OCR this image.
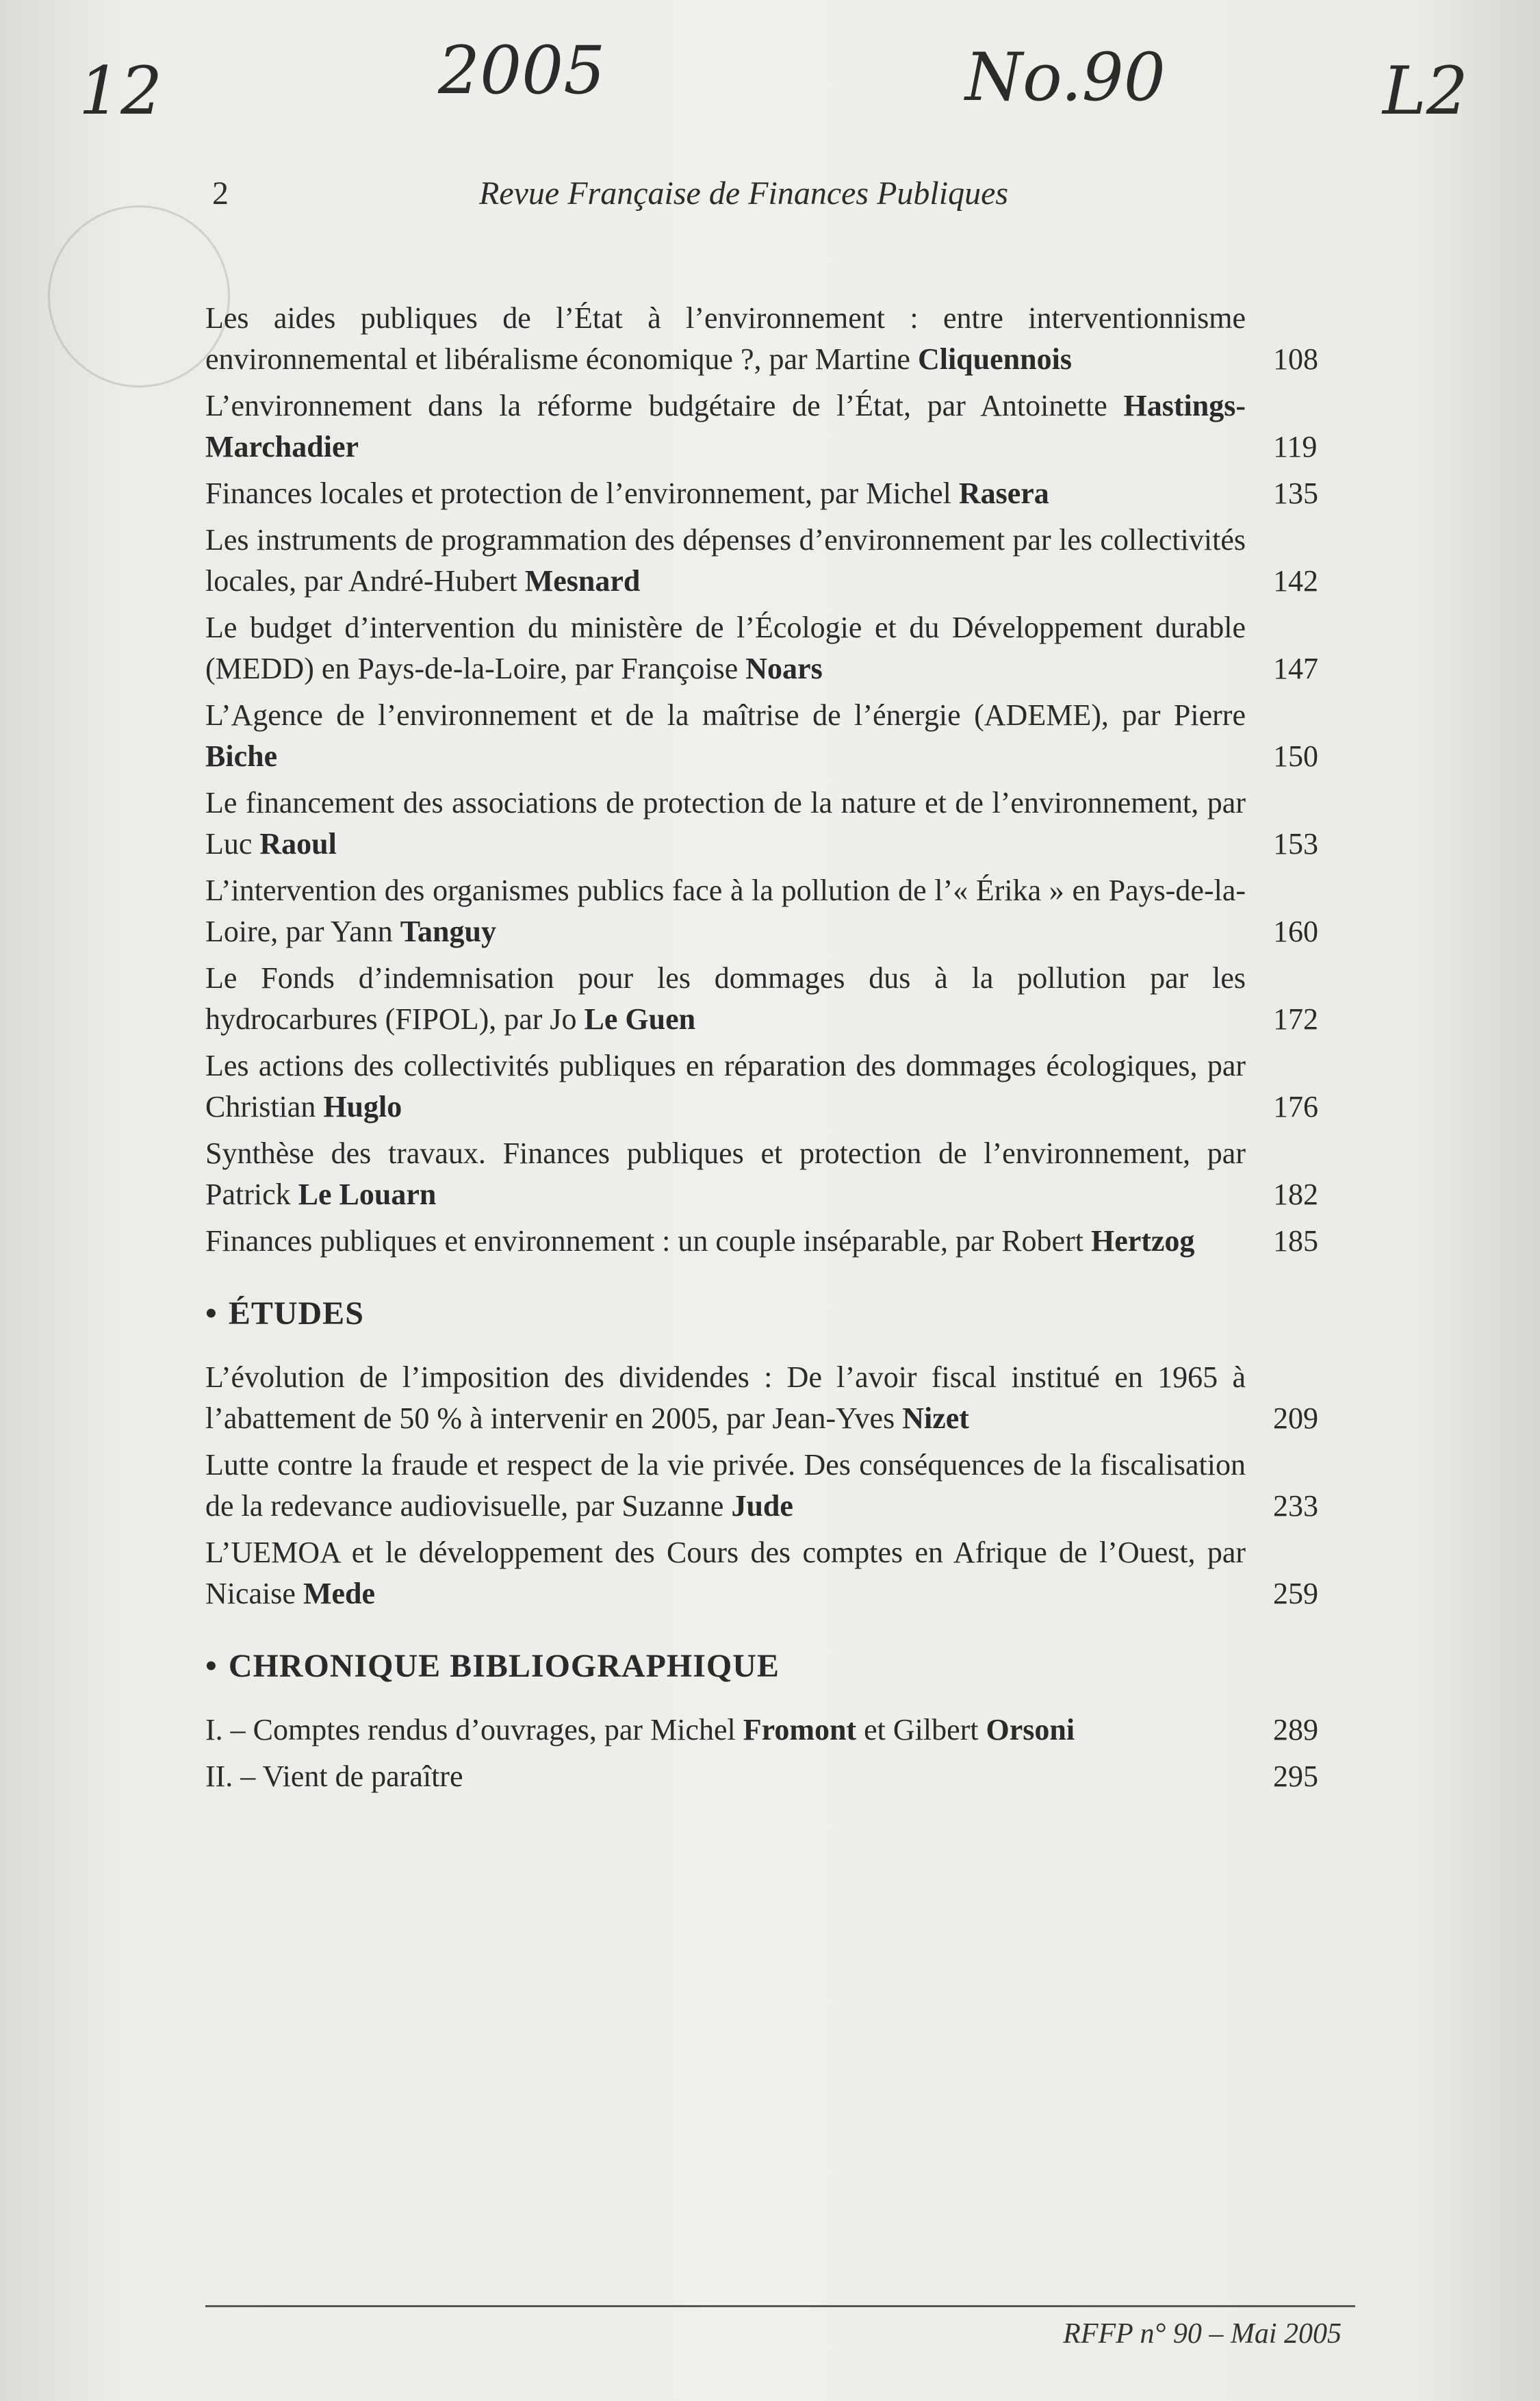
12	2005	No.90	L2
2	Revue Française de Finances Publiques
Les aides publiques de l’État à l’environnement : entre interventionnisme environnemental et libéralisme économique ?, par Martine Cliquennois	108
L’environnement dans la réforme budgétaire de l’État, par Antoinette Hastings-Marchadier	119
Finances locales et protection de l’environnement, par Michel Rasera	135
Les instruments de programmation des dépenses d’environnement par les collectivités locales, par André-Hubert Mesnard	142
Le budget d’intervention du ministère de l’Écologie et du Développement durable (MEDD) en Pays-de-la-Loire, par Françoise Noars	147
L’Agence de l’environnement et de la maîtrise de l’énergie (ADEME), par Pierre Biche	150
Le financement des associations de protection de la nature et de l’environnement, par Luc Raoul	153
L’intervention des organismes publics face à la pollution de l’« Érika » en Pays-de-la-Loire, par Yann Tanguy	160
Le Fonds d’indemnisation pour les dommages dus à la pollution par les hydrocarbures (FIPOL), par Jo Le Guen	172
Les actions des collectivités publiques en réparation des dommages écologiques, par Christian Huglo	176
Synthèse des travaux. Finances publiques et protection de l’environnement, par Patrick Le Louarn	182
Finances publiques et environnement : un couple inséparable, par Robert Hertzog	185
• ÉTUDES
L’évolution de l’imposition des dividendes : De l’avoir fiscal institué en 1965 à l’abattement de 50 % à intervenir en 2005, par Jean-Yves Nizet	209
Lutte contre la fraude et respect de la vie privée. Des conséquences de la fiscalisation de la redevance audiovisuelle, par Suzanne Jude	233
L’UEMOA et le développement des Cours des comptes en Afrique de l’Ouest, par Nicaise Mede	259
• CHRONIQUE BIBLIOGRAPHIQUE
I. – Comptes rendus d’ouvrages, par Michel Fromont et Gilbert Orsoni	289
II. – Vient de paraître	295
RFFP n° 90 – Mai 2005
